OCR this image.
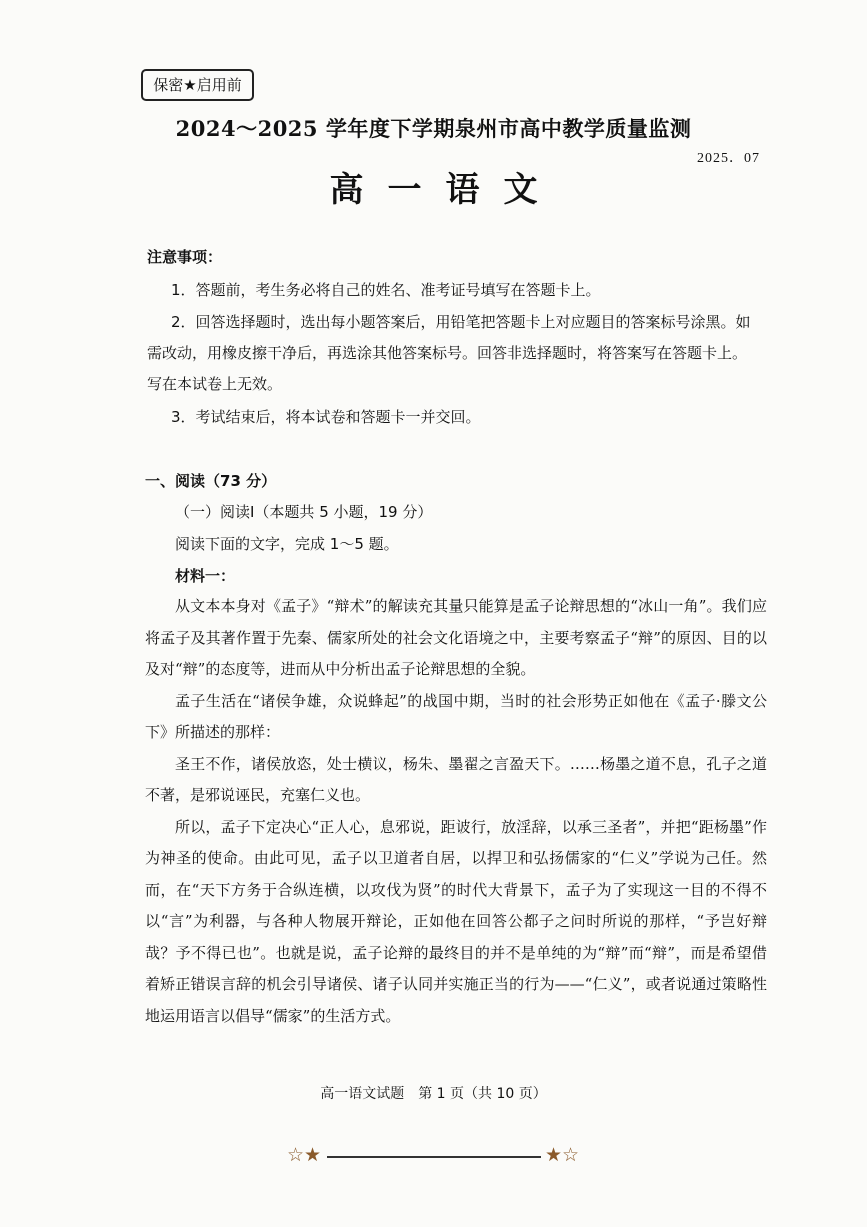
保密★启用前
2024～2025 学年度下学期泉州市高中教学质量监测
2025．07
高一语文
注意事项：
1．答题前，考生务必将自己的姓名、准考证号填写在答题卡上。
2．回答选择题时，选出每小题答案后，用铅笔把答题卡上对应题目的答案标号涂黑。如
需改动，用橡皮擦干净后，再选涂其他答案标号。回答非选择题时，将答案写在答题卡上。
写在本试卷上无效。
3．考试结束后，将本试卷和答题卡一并交回。
一、阅读（73 分）
（一）阅读Ⅰ（本题共 5 小题，19 分）
阅读下面的文字，完成 1～5 题。
材料一：

从文本本身对《孟子》“辩术”的解读充其量只能算是孟子论辩思想的“冰山一角”。我们应将孟子及其著作置于先秦、儒家所处的社会文化语境之中，主要考察孟子“辩”的原因、目的以及对“辩”的态度等，进而从中分析出孟子论辩思想的全貌。

孟子生活在“诸侯争雄，众说蜂起”的战国中期，当时的社会形势正如他在《孟子·滕文公下》所描述的那样：

圣王不作，诸侯放恣，处士横议，杨朱、墨翟之言盈天下。……杨墨之道不息，孔子之道不著，是邪说诬民，充塞仁义也。

所以，孟子下定决心“正人心，息邪说，距诐行，放淫辞，以承三圣者”，并把“距杨墨”作为神圣的使命。由此可见，孟子以卫道者自居，以捍卫和弘扬儒家的“仁义”学说为己任。然而，在“天下方务于合纵连横，以攻伐为贤”的时代大背景下，孟子为了实现这一目的不得不以“言”为利器，与各种人物展开辩论，正如他在回答公都子之问时所说的那样，“予岂好辩哉？予不得已也”。也就是说，孟子论辩的最终目的并不是单纯的为“辩”而“辩”，而是希望借着矫正错误言辞的机会引导诸侯、诸子认同并实施正当的行为——“仁义”，或者说通过策略性地运用语言以倡导“儒家”的生活方式。

高一语文试题　第 1 页（共 10 页）
☆★	★☆
